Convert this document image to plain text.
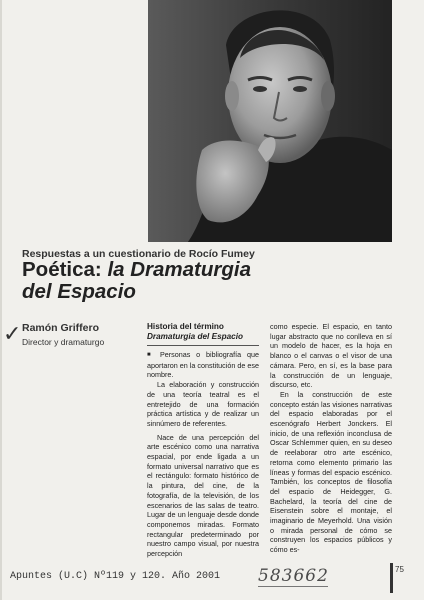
Respuestas a un cuestionario de Rocío Fumey
Poética: la Dramaturgia
del Espacio
✓ Ramón Griffero
Director y dramaturgo

Historia del término

Dramaturgia del Espacio

■ Personas o bibliografía que aportaron en la constitución de ese nombre.

La elaboración y construcción de una teoría teatral es el entretejido de una formación práctica artística y de realizar un sinnúmero de referentes.

Nace de una percepción del arte escénico como una narrativa espacial, por ende ligada a un formato universal narrativo que es el rectángulo: formato histórico de la pintura, del cine, de la fotografía, de la televisión, de los escenarios de las salas de teatro. Lugar de un lenguaje desde donde componemos miradas. Formato rectangular predeterminado por nuestro campo visual, por nuestra percepción

como especie. El espacio, en tanto lugar abstracto que no conlleva en sí un modelo de hacer, es la hoja en blanco o el canvas o el visor de una cámara. Pero, en sí, es la base para la construcción de un lenguaje, discurso, etc.

En la construcción de este concepto están las visiones narrativas del espacio elaboradas por el escenógrafo Herbert Jonckers. El inicio, de una reflexión inconclusa de Oscar Schlemmer quien, en su deseo de reelaborar otro arte escénico, retorna como elemento primario las líneas y formas del espacio escénico. También, los conceptos de filosofía del espacio de Heidegger, G. Bachelard, la teoría del cine de Eisenstein sobre el montaje, el imaginario de Meyerhold. Una visión o mirada personal de cómo se construyen los espacios públicos y cómo es-

Apuntes (U.C) Nº119 y 120. Año 2001 583662	75
